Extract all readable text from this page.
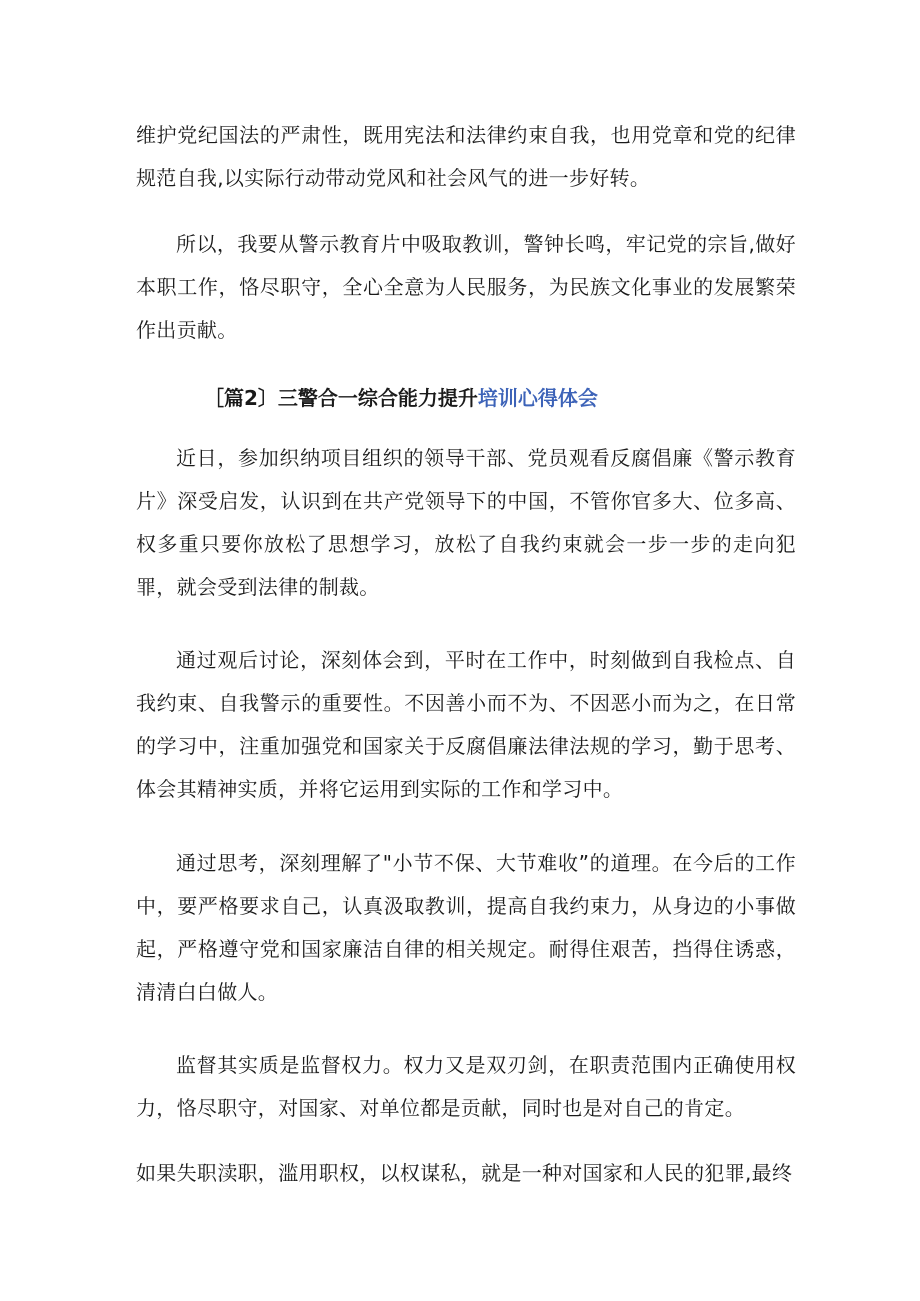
维护党纪国法的严肃性，既用宪法和法律约束自我，也用党章和党的纪律规范自我,以实际行动带动党风和社会风气的进一步好转。

所以，我要从警示教育片中吸取教训，警钟长鸣，牢记党的宗旨,做好本职工作，恪尽职守，全心全意为人民服务，为民族文化事业的发展繁荣作出贡献。

［篇2〕三警合一综合能力提升培训心得体会

近日，参加织纳项目组织的领导干部、党员观看反腐倡廉《警示教育片》深受启发，认识到在共产党领导下的中国，不管你官多大、位多高、权多重只要你放松了思想学习，放松了自我约束就会一步一步的走向犯罪，就会受到法律的制裁。

通过观后讨论，深刻体会到，平时在工作中，时刻做到自我检点、自我约束、自我警示的重要性。不因善小而不为、不因恶小而为之，在日常的学习中，注重加强党和国家关于反腐倡廉法律法规的学习，勤于思考、体会其精神实质，并将它运用到实际的工作和学习中。

通过思考，深刻理解了"小节不保、大节难收”的道理。在今后的工作中，要严格要求自己，认真汲取教训，提高自我约束力，从身边的小事做起，严格遵守党和国家廉洁自律的相关规定。耐得住艰苦，挡得住诱惑，清清白白做人。

监督其实质是监督权力。权力又是双刃剑，在职责范围内正确使用权力，恪尽职守，对国家、对单位都是贡献，同时也是对自己的肯定。

如果失职渎职，滥用职权，以权谋私，就是一种对国家和人民的犯罪,最终
